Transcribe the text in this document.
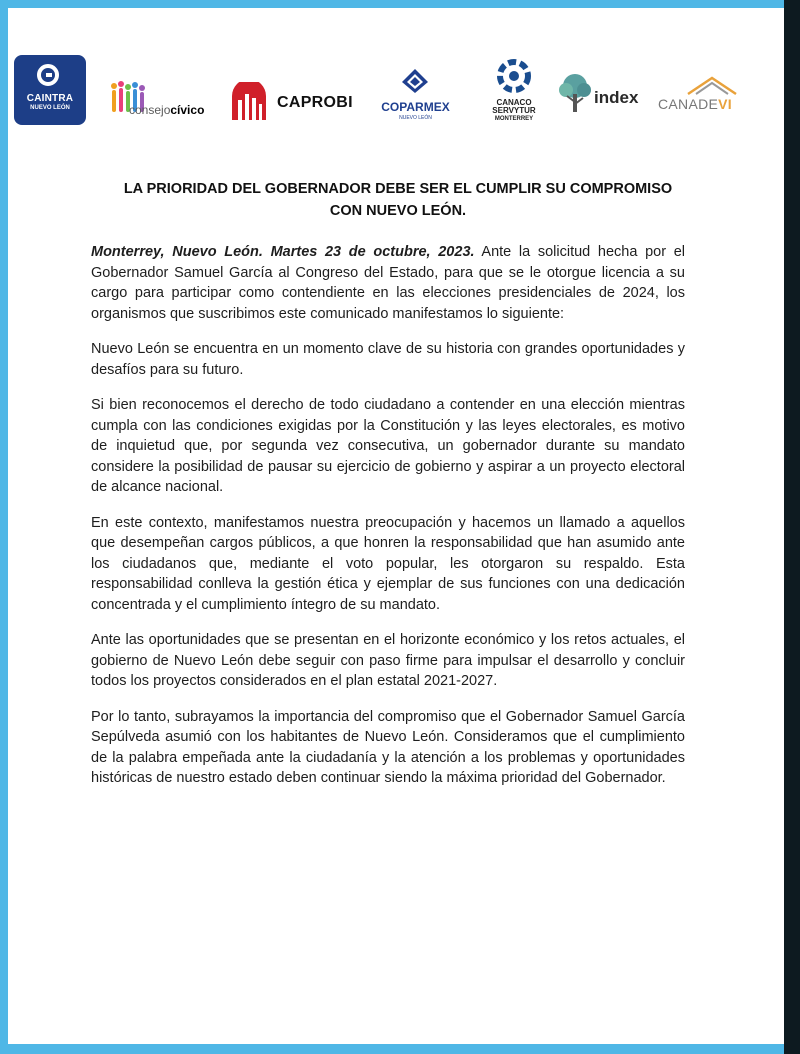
CAINTRA
NUEVO LEÓN	consejocívico	CAPROBI	COPARMEX
NUEVO LEÓN
CANACO
SERVYTUR
MONTERREY
index CANADEVI
LA PRIORIDAD DEL GOBERNADOR DEBE SER EL CUMPLIR SU COMPROMISO
CON NUEVO LEÓN.

Monterrey, Nuevo León. Martes 23 de octubre, 2023. Ante la solicitud hecha por el Gobernador Samuel García al Congreso del Estado, para que se le otorgue licencia a su cargo para participar como contendiente en las elecciones presidenciales de 2024, los organismos que suscribimos este comunicado manifestamos lo siguiente:

Nuevo León se encuentra en un momento clave de su historia con grandes oportunidades y desafíos para su futuro.

Si bien reconocemos el derecho de todo ciudadano a contender en una elección mientras cumpla con las condiciones exigidas por la Constitución y las leyes electorales, es motivo de inquietud que, por segunda vez consecutiva, un gobernador durante su mandato considere la posibilidad de pausar su ejercicio de gobierno y aspirar a un proyecto electoral de alcance nacional.

En este contexto, manifestamos nuestra preocupación y hacemos un llamado a aquellos que desempeñan cargos públicos, a que honren la responsabilidad que han asumido ante los ciudadanos que, mediante el voto popular, les otorgaron su respaldo. Esta responsabilidad conlleva la gestión ética y ejemplar de sus funciones con una dedicación concentrada y el cumplimiento íntegro de su mandato.

Ante las oportunidades que se presentan en el horizonte económico y los retos actuales, el gobierno de Nuevo León debe seguir con paso firme para impulsar el desarrollo y concluir todos los proyectos considerados en el plan estatal 2021-2027.

Por lo tanto, subrayamos la importancia del compromiso que el Gobernador Samuel García Sepúlveda asumió con los habitantes de Nuevo León. Consideramos que el cumplimiento de la palabra empeñada ante la ciudadanía y la atención a los problemas y oportunidades históricas de nuestro estado deben continuar siendo la máxima prioridad del Gobernador.
